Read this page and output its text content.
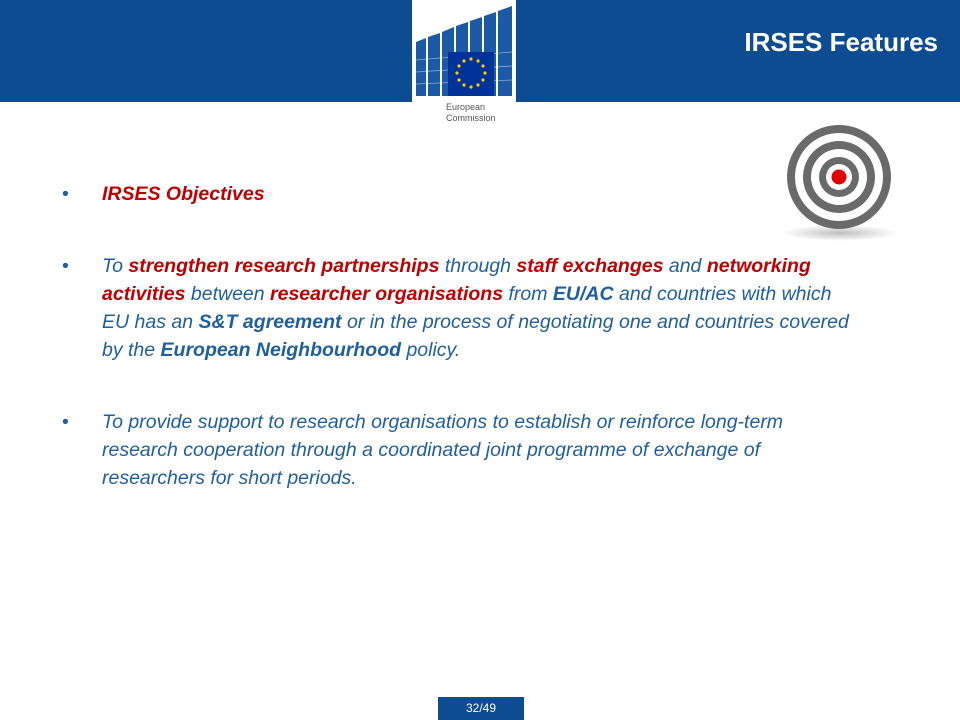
IRSES Features
European
Commission
• IRSES Objectives
• To strengthen research partnerships through staff exchanges and networking activities between researcher organisations from EU/AC and countries with which EU has an S&T agreement or in the process of negotiating one and countries covered by the European Neighbourhood policy.
• To provide support to research organisations to establish or reinforce long-term research cooperation through a coordinated joint programme of exchange of researchers for short periods.
32/49
